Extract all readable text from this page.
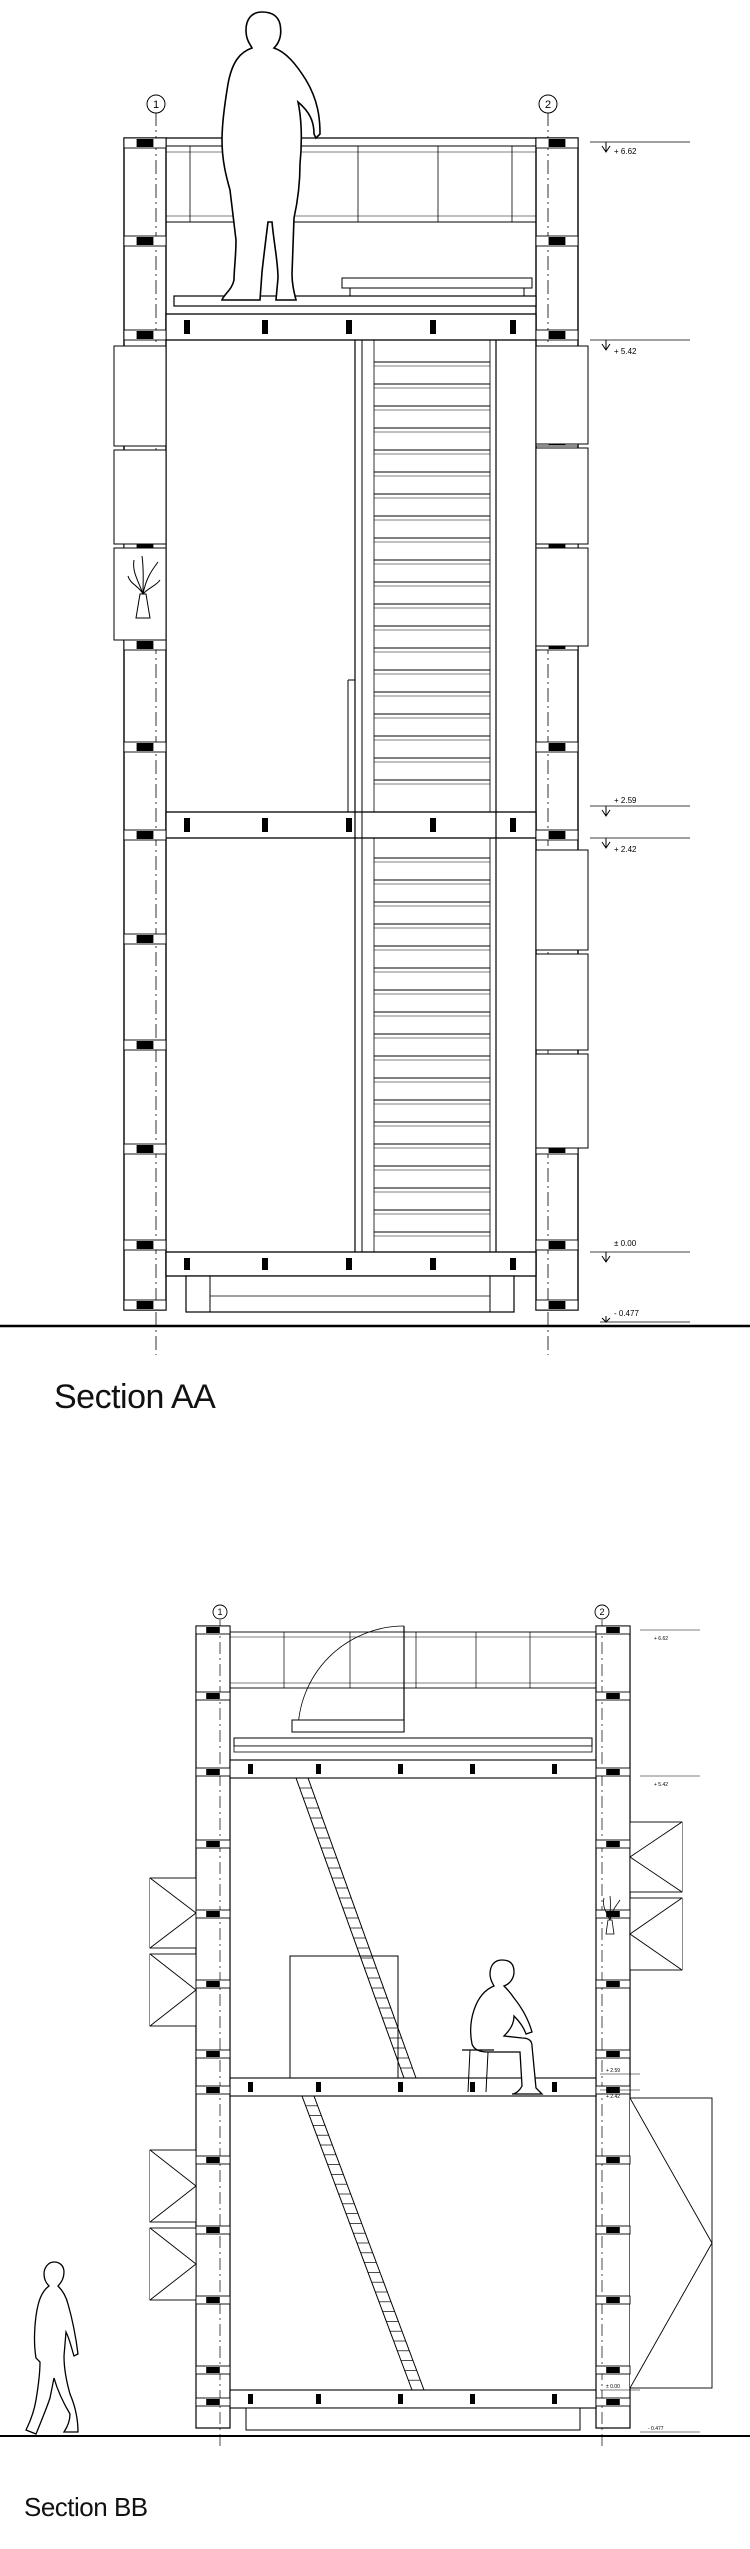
1	2
+ 6.62
+ 5.42
+ 2.59
+ 2.42
± 0.00
- 0.477
1	2
+ 6.62
+ 5.42
+ 2.59
+ 2.42
± 0.00
- 0.477
Section AA
Section BB
